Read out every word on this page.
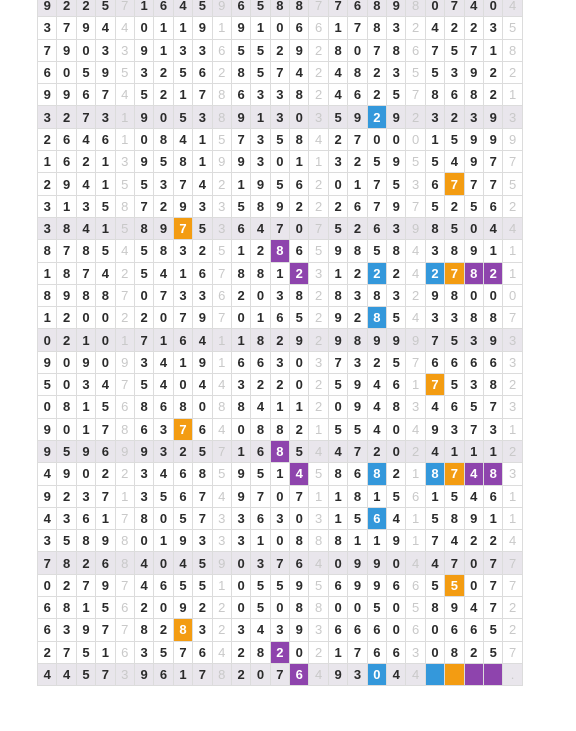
9	2	2	5	7	1	6	4	5	9	6	5	8	8	7	7	6	8	9	8	0	7	4	0	4
3	7	9	4	4	0	1	1	9	1	9	1	0	6	6	1	7	8	3	2	4	2	2	3	5
7	9	0	3	3	9	1	3	3	6	5	5	2	9	2	8	0	7	8	6	7	5	7	1	8
6	0	5	9	5	3	2	5	6	2	8	5	7	4	2	4	8	2	3	5	5	3	9	2	2
9	9	6	7	4	5	2	1	7	8	6	3	3	8	2	4	6	2	5	7	8	6	8	2	1
3	2	7	3	1	9	0	5	3	8	9	1	3	0	3	5	9	2	9	2	3	2	3	9	3
2	6	4	6	1	0	8	4	1	5	7	3	5	8	4	2	7	0	0	0	1	5	9	9	9
1	6	2	1	3	9	5	8	1	9	9	3	0	1	1	3	2	5	9	5	5	4	9	7	7
2	9	4	1	5	5	3	7	4	2	1	9	5	6	2	0	1	7	5	3	6	7	7	7	5
3	1	3	5	8	7	2	9	3	3	5	8	9	2	2	2	6	7	9	7	5	2	5	6	2
3	8	4	1	5	8	9	7	5	3	6	4	7	0	7	5	2	6	3	9	8	5	0	4	4
8	7	8	5	4	5	8	3	2	5	1	2	8	6	5	9	8	5	8	4	3	8	9	1	1
1	8	7	4	2	5	4	1	6	7	8	8	1	2	3	1	2	2	2	4	2	7	8	2	1
8	9	8	8	7	0	7	3	3	6	2	0	3	8	2	8	3	8	3	2	9	8	0	0	0
1	2	0	0	2	2	0	7	9	7	0	1	6	5	2	9	2	8	5	4	3	3	8	8	7
0	2	1	0	1	7	1	6	4	1	1	8	2	9	2	9	8	9	9	9	7	5	3	9	3
9	0	9	0	9	3	4	1	9	1	6	6	3	0	3	7	3	2	5	7	6	6	6	6	3
5	0	3	4	7	5	4	0	4	4	3	2	2	0	2	5	9	4	6	1	7	5	3	8	2
0	8	1	5	6	8	6	8	0	8	8	4	1	1	2	0	9	4	8	3	4	6	5	7	3
9	0	1	7	8	6	3	7	6	4	0	8	8	2	1	5	5	4	0	4	9	3	7	3	1
9	5	9	6	9	9	3	2	5	7	1	6	8	5	4	4	7	2	0	2	4	1	1	1	2
4	9	0	2	2	3	4	6	8	5	9	5	1	4	5	8	6	8	2	1	8	7	4	8	3
9	2	3	7	1	3	5	6	7	4	9	7	0	7	1	1	8	1	5	6	1	5	4	6	1
4	3	6	1	7	8	0	5	7	3	3	6	3	0	3	1	5	6	4	1	5	8	9	1	1
3	5	8	9	8	0	1	9	3	3	3	1	0	8	8	8	1	1	9	1	7	4	2	2	4
7	8	2	6	8	4	0	4	5	9	0	3	7	6	4	0	9	9	0	4	4	7	0	7	7
0	2	7	9	7	4	6	5	5	1	0	5	5	9	5	6	9	9	6	6	5	5	0	7	7
6	8	1	5	6	2	0	9	2	2	0	5	0	8	8	0	0	5	0	5	8	9	4	7	2
6	3	9	7	7	8	2	8	3	2	3	4	3	9	3	6	6	6	0	6	0	6	6	5	2
2	7	5	1	6	3	5	7	6	4	2	8	2	0	2	1	7	6	6	3	0	8	2	5	7
4	4	5	7	3	9	6	1	7	8	2	0	7	6	4	9	3	0	4	4					.
